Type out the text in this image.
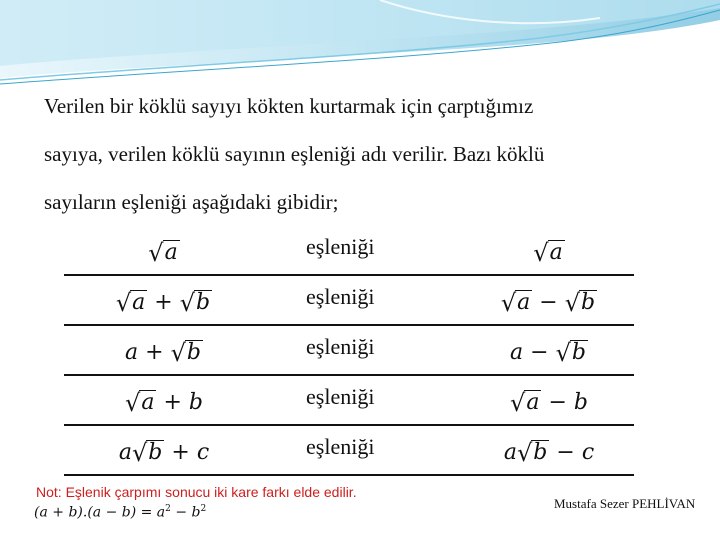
Verilen bir köklü sayıyı kökten kurtarmak için çarptığımız

sayıya, verilen köklü sayının eşleniği adı verilir. Bazı köklü

sayıların eşleniği aşağıdaki gibidir;

√ a	eşleniği	√ a
√ a + √ b	eşleniği	√ a − √ b
a + √ b	eşleniği	a − √ b
√ a + b	eşleniği	√ a − b
a √ b + c	eşleniği	a √ b − c
Not: Eşlenik çarpımı sonucu iki kare farkı elde edilir.
$(a + b).(a - b) = a^2 - b^2$	Mustafa Sezer PEHLİVAN
